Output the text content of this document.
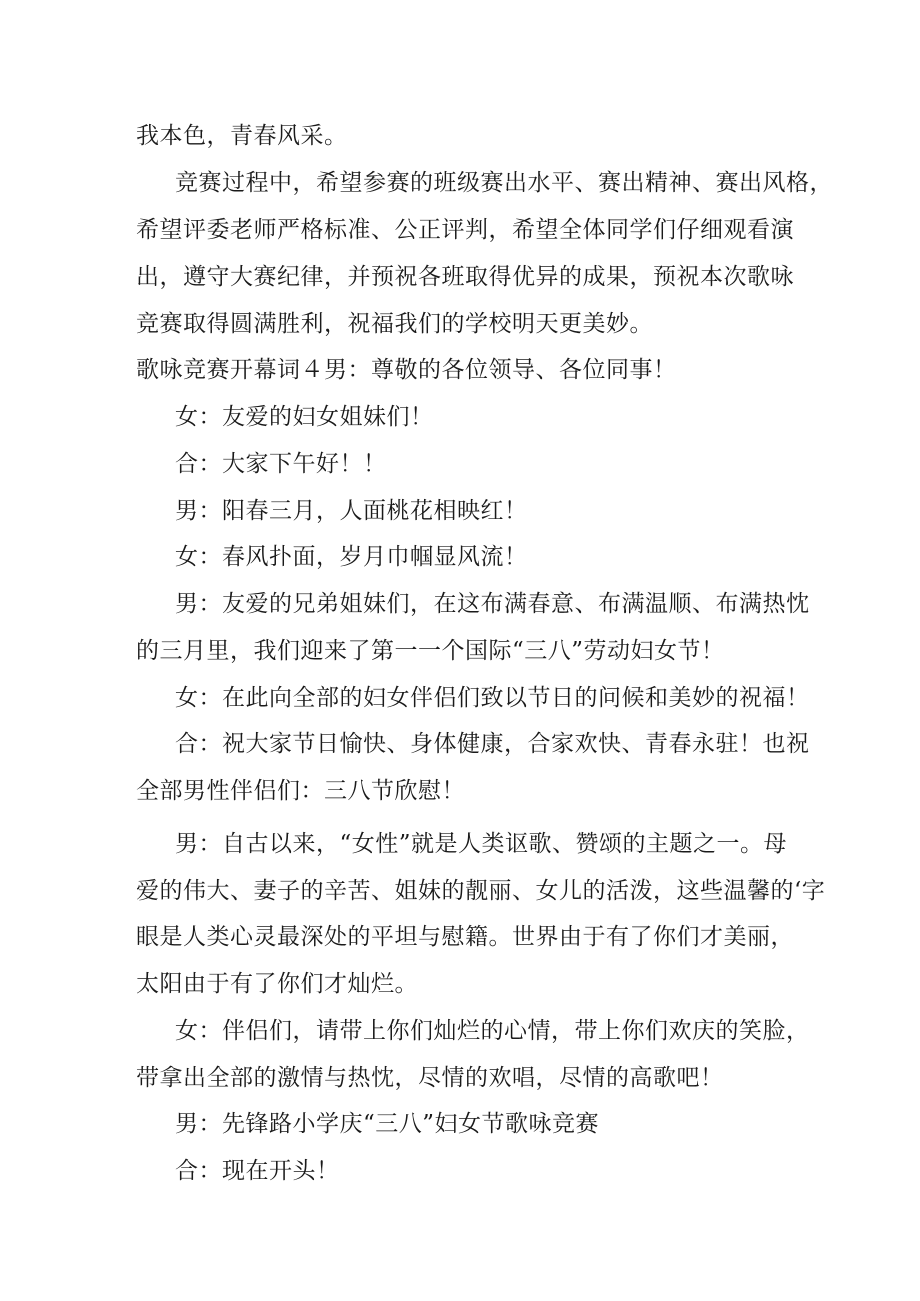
我本色，青春风采。
竞赛过程中，希望参赛的班级赛出水平、赛出精神、赛出风格，
希望评委老师严格标准、公正评判，希望全体同学们仔细观看演
出，遵守大赛纪律，并预祝各班取得优异的成果，预祝本次歌咏
竞赛取得圆满胜利，祝福我们的学校明天更美妙。
歌咏竞赛开幕词４男：尊敬的各位领导、各位同事！
女：友爱的妇女姐妹们！
合：大家下午好！！
男：阳春三月，人面桃花相映红！
女：春风扑面，岁月巾帼显风流！
男：友爱的兄弟姐妹们，在这布满春意、布满温顺、布满热忱
的三月里，我们迎来了第一一个国际“三八”劳动妇女节！
女：在此向全部的妇女伴侣们致以节日的问候和美妙的祝福！
合：祝大家节日愉快、身体健康，合家欢快、青春永驻！也祝
全部男性伴侣们：三八节欣慰！
男：自古以来，“女性”就是人类讴歌、赞颂的主题之一。母
爱的伟大、妻子的辛苦、姐妹的靓丽、女儿的活泼，这些温馨的‘字
眼是人类心灵最深处的平坦与慰籍。世界由于有了你们才美丽，
太阳由于有了你们才灿烂。
女：伴侣们，请带上你们灿烂的心情，带上你们欢庆的笑脸，
带拿出全部的激情与热忱，尽情的欢唱，尽情的高歌吧！
男：先锋路小学庆“三八”妇女节歌咏竞赛
合：现在开头！
